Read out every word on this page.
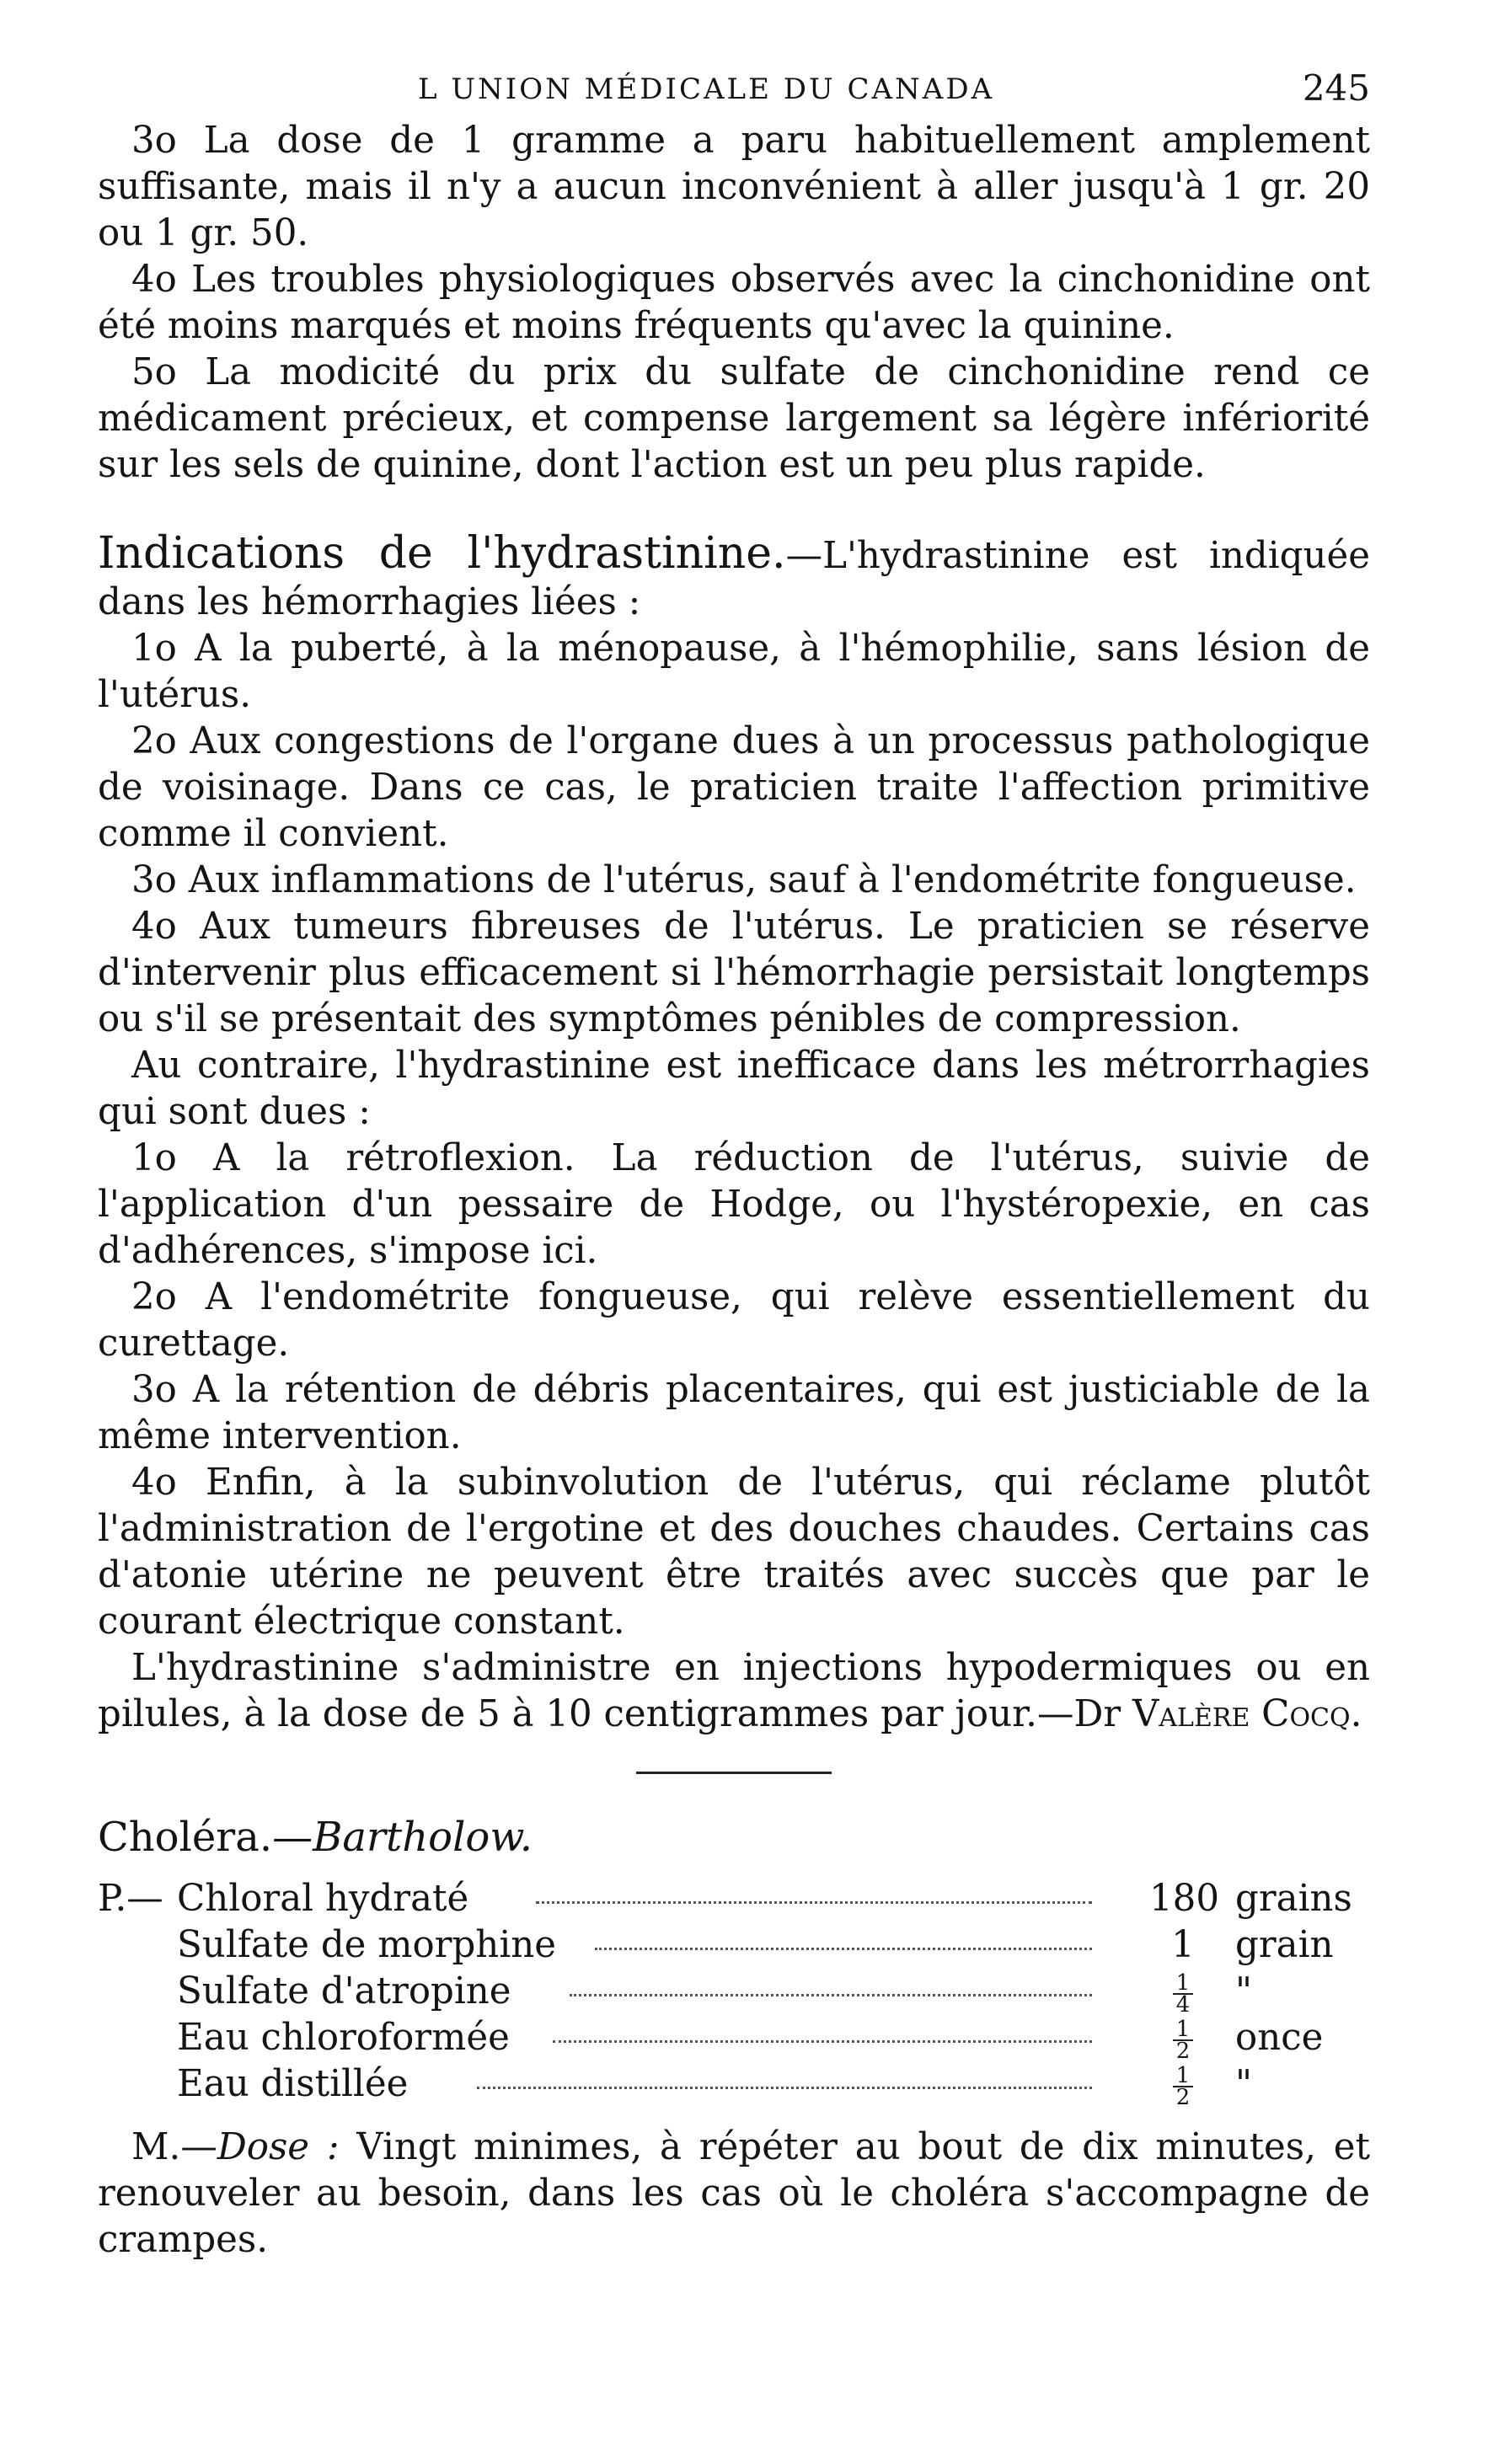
L UNION MÉDICALE DU CANADA	245

3o La dose de 1 gramme a paru habituellement amplement suffisante, mais il n'y a aucun inconvénient à aller jusqu'à 1 gr. 20 ou 1 gr. 50.

4o Les troubles physiologiques observés avec la cinchonidine ont été moins marqués et moins fréquents qu'avec la quinine.

5o La modicité du prix du sulfate de cinchonidine rend ce médicament précieux, et compense largement sa légère infériorité sur les sels de quinine, dont l'action est un peu plus rapide.

Indications de l'hydrastinine.—L'hydrastinine est indiquée dans les hémorrhagies liées :

1o A la puberté, à la ménopause, à l'hémophilie, sans lésion de l'utérus.

2o Aux congestions de l'organe dues à un processus pathologique de voisinage. Dans ce cas, le praticien traite l'affection primitive comme il convient.

3o Aux inflammations de l'utérus, sauf à l'endométrite fongueuse.

4o Aux tumeurs fibreuses de l'utérus. Le praticien se réserve d'intervenir plus efficacement si l'hémorrhagie persistait longtemps ou s'il se présentait des symptômes pénibles de compression.

Au contraire, l'hydrastinine est inefficace dans les métrorrhagies qui sont dues :

1o A la rétroflexion. La réduction de l'utérus, suivie de l'application d'un pessaire de Hodge, ou l'hystéropexie, en cas d'adhérences, s'impose ici.

2o A l'endométrite fongueuse, qui relève essentiellement du curettage.

3o A la rétention de débris placentaires, qui est justiciable de la même intervention.

4o Enfin, à la subinvolution de l'utérus, qui réclame plutôt l'administration de l'ergotine et des douches chaudes. Certains cas d'atonie utérine ne peuvent être traités avec succès que par le courant électrique constant.

L'hydrastinine s'administre en injections hypodermiques ou en pilules, à la dose de 5 à 10 centigrammes par jour.—Dr Valère Cocq.

Choléra.—Bartholow.
P.— Chloral hydraté	180 grains
Sulfate de morphine	1	grain
Sulfate d'atropine	$\frac{1}{4}$ "
Eau chloroformée	$\frac{1}{2}$ once
Eau distillée	$\frac{1}{2}$ "

M.—Dose : Vingt minimes, à répéter au bout de dix minutes, et renouveler au besoin, dans les cas où le choléra s'accompagne de crampes.
